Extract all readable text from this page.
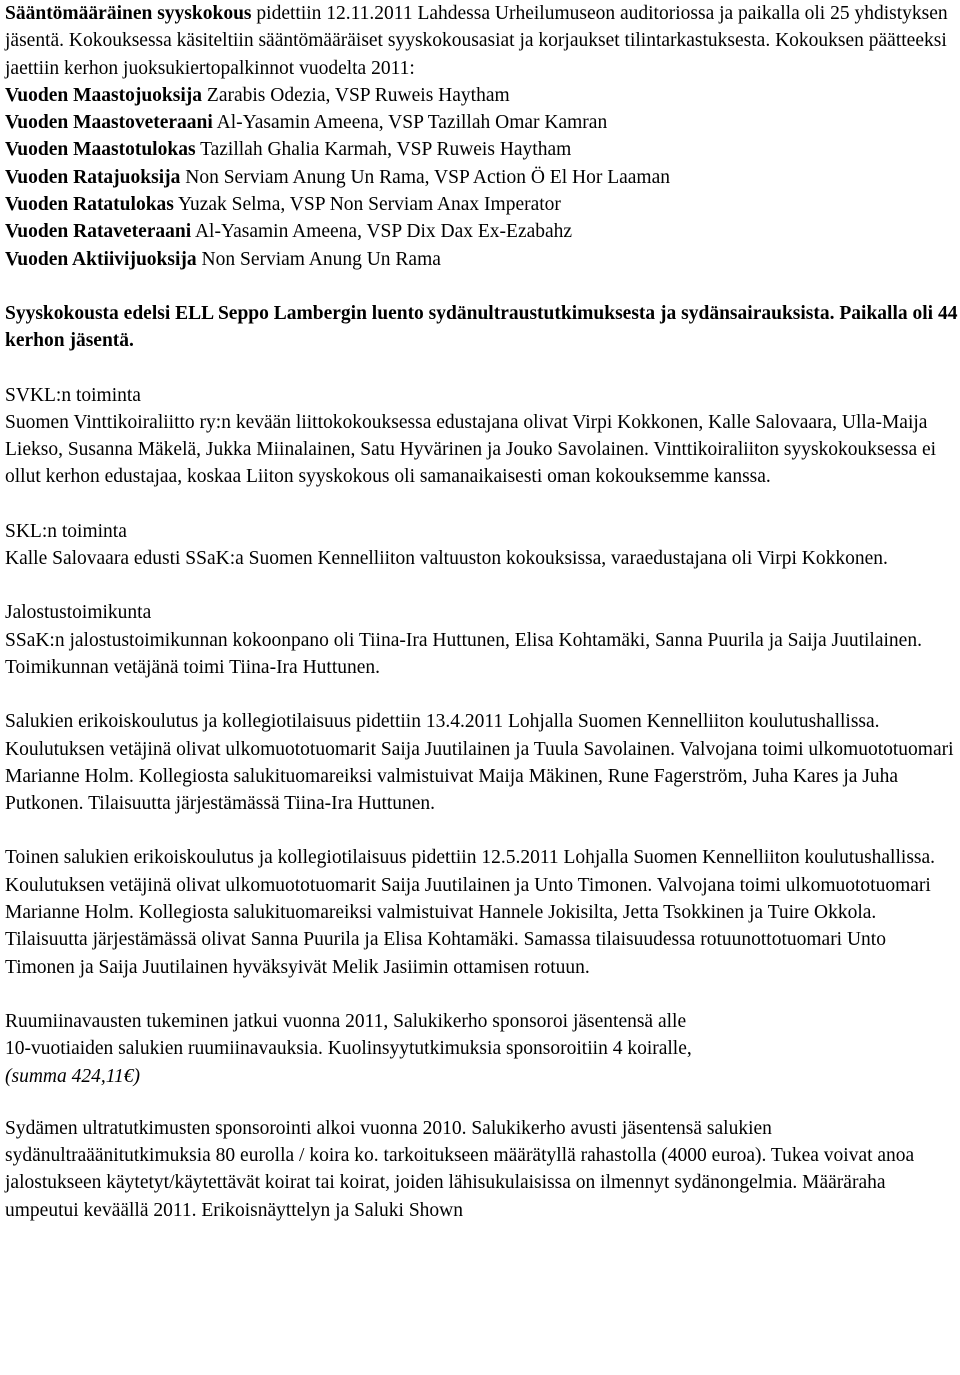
Sääntömääräinen syyskokous pidettiin 12.11.2011 Lahdessa Urheilumuseon auditoriossa ja paikalla oli 25 yhdistyksen jäsentä. Kokouksessa käsiteltiin sääntömääräiset syyskokousasiat ja korjaukset tilintarkastuksesta. Kokouksen päätteeksi jaettiin kerhon juoksukiertopalkinnot vuodelta 2011:

Vuoden Maastojuoksija Zarabis Odezia, VSP Ruweis Haytham

Vuoden Maastoveteraani Al-Yasamin Ameena, VSP Tazillah Omar Kamran

Vuoden Maastotulokas Tazillah Ghalia Karmah, VSP Ruweis Haytham

Vuoden Ratajuoksija Non Serviam Anung Un Rama, VSP Action Ö El Hor Laaman

Vuoden Ratatulokas Yuzak Selma, VSP Non Serviam Anax Imperator

Vuoden Rataveteraani Al-Yasamin Ameena, VSP Dix Dax Ex-Ezabahz

Vuoden Aktiivijuoksija Non Serviam Anung Un Rama

Syyskokousta edelsi ELL Seppo Lambergin luento sydänultraustutkimuksesta ja sydänsairauksista. Paikalla oli 44 kerhon jäsentä.

SVKL:n toiminta

Suomen Vinttikoiraliitto ry:n kevään liittokokouksessa edustajana olivat Virpi Kokkonen, Kalle Salovaara, Ulla-Maija Liekso, Susanna Mäkelä, Jukka Miinalainen, Satu Hyvärinen ja Jouko Savolainen. Vinttikoiraliiton syyskokouksessa ei ollut kerhon edustajaa, koskaa Liiton syyskokous oli samanaikaisesti oman kokouksemme kanssa.

SKL:n toiminta

Kalle Salovaara edusti SSaK:a Suomen Kennelliiton valtuuston kokouksissa, varaedustajana oli Virpi Kokkonen.

Jalostustoimikunta

SSaK:n jalostustoimikunnan kokoonpano oli Tiina-Ira Huttunen, Elisa Kohtamäki, Sanna Puurila ja Saija Juutilainen. Toimikunnan vetäjänä toimi Tiina-Ira Huttunen.

Salukien erikoiskoulutus ja kollegiotilaisuus pidettiin 13.4.2011 Lohjalla Suomen Kennelliiton koulutushallissa. Koulutuksen vetäjinä olivat ulkomuototuomarit Saija Juutilainen ja Tuula Savolainen. Valvojana toimi ulkomuototuomari Marianne Holm. Kollegiosta salukituomareiksi valmistuivat Maija Mäkinen, Rune Fagerström, Juha Kares ja Juha Putkonen. Tilaisuutta järjestämässä Tiina-Ira Huttunen.

Toinen salukien erikoiskoulutus ja kollegiotilaisuus pidettiin 12.5.2011 Lohjalla Suomen Kennelliiton koulutushallissa. Koulutuksen vetäjinä olivat ulkomuototuomarit Saija Juutilainen ja Unto Timonen. Valvojana toimi ulkomuototuomari Marianne Holm. Kollegiosta salukituomareiksi valmistuivat Hannele Jokisilta, Jetta Tsokkinen ja Tuire Okkola. Tilaisuutta järjestämässä olivat Sanna Puurila ja Elisa Kohtamäki. Samassa tilaisuudessa rotuunottotuomari Unto Timonen ja Saija Juutilainen hyväksyivät Melik Jasiimin ottamisen rotuun.

Ruumiinavausten tukeminen jatkui vuonna 2011, Salukikerho sponsoroi jäsentensä alle

10-vuotiaiden salukien ruumiinavauksia. Kuolinsyytutkimuksia sponsoroitiin 4 koiralle,

(summa 424,11€)

Sydämen ultratutkimusten sponsorointi alkoi vuonna 2010. Salukikerho avusti jäsentensä salukien sydänultraäänitutkimuksia 80 eurolla / koira ko. tarkoitukseen määrätyllä rahastolla (4000 euroa). Tukea voivat anoa jalostukseen käytetyt/käytettävät koirat tai koirat, joiden lähisukulaisissa on ilmennyt sydänongelmia. Määräraha umpeutui keväällä 2011. Erikoisnäyttelyn ja Saluki Shown
